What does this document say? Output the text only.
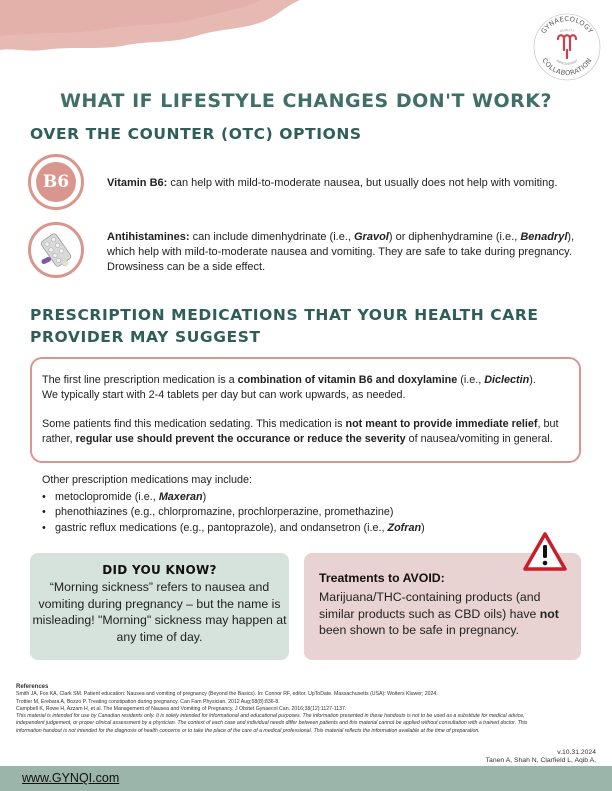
GYNAECOLOGY
COLLABORATION
QUALITY
IMPROVEMENT
WHAT IF LIFESTYLE CHANGES DON'T WORK?
OVER THE COUNTER (OTC) OPTIONS
B6	Vitamin B6: can help with mild-to-moderate nausea, but usually does not help with vomiting.
Antihistamines: can include dimenhydrinate (i.e., Gravol) or diphenhydramine (i.e., Benadryl), which help with mild-to-moderate nausea and vomiting. They are safe to take during pregnancy. Drowsiness can be a side effect.
PRESCRIPTION MEDICATIONS THAT YOUR HEALTH CARE PROVIDER MAY SUGGEST

The first line prescription medication is a combination of vitamin B6 and doxylamine (i.e., Diclectin).
We typically start with 2-4 tablets per day but can work upwards, as needed.

Some patients find this medication sedating. This medication is not meant to provide immediate relief, but rather, regular use should prevent the occurance or reduce the severity of nausea/vomiting in general.

Other prescription medications may include:
• metoclopromide (i.e., Maxeran)
• phenothiazines (e.g., chlorpromazine, prochlorperazine, promethazine)
• gastric reflux medications (e.g., pantoprazole), and ondansetron (i.e., Zofran)
DID YOU KNOW?
“Morning sickness” refers to nausea and vomiting during pregnancy – but the name is misleading! "Morning" sickness may happen at any time of day.
Treatments to AVOID:
Marijuana/THC-containing products (and similar products such as CBD oils) have not been shown to be safe in pregnancy.
References
Smith JA, Fox KA, Clark SM. Patient education: Nausea and vomiting of pregnancy (Beyond the Basics). In: Connor RF, editor. UpToDate. Massachusetts (USA): Wolters Kluwer; 2024.
Trottier M, Erebara A, Bozzo P. Treating constipation during pregnancy. Can Fam Physician. 2012 Aug;58(8):836-8.
Campbell K, Rowe H, Azzam H, et al. The Management of Nausea and Vomiting of Pregnancy. J Obstet Gynaecol Can. 2016;38(12):1127-1137.
This material is intended for use by Canadian residents only. It is solely intended for informational and educational purposes. The information presented in these handouts is not to be used as a substitute for medical advice, independent judgement, or proper clinical assessment by a physician. The context of each case and individual needs differ between patients and this material cannot be applied without consultation with a trained doctor. This information handout is not intended for the diagnosis of health concerns or to take the place of the care of a medical professional. This material reflects the information available at the time of preparation.
v.10.31.2024
Tanen A, Shah N, Clarfield L, Aqib A,
www.GYNQI.com
